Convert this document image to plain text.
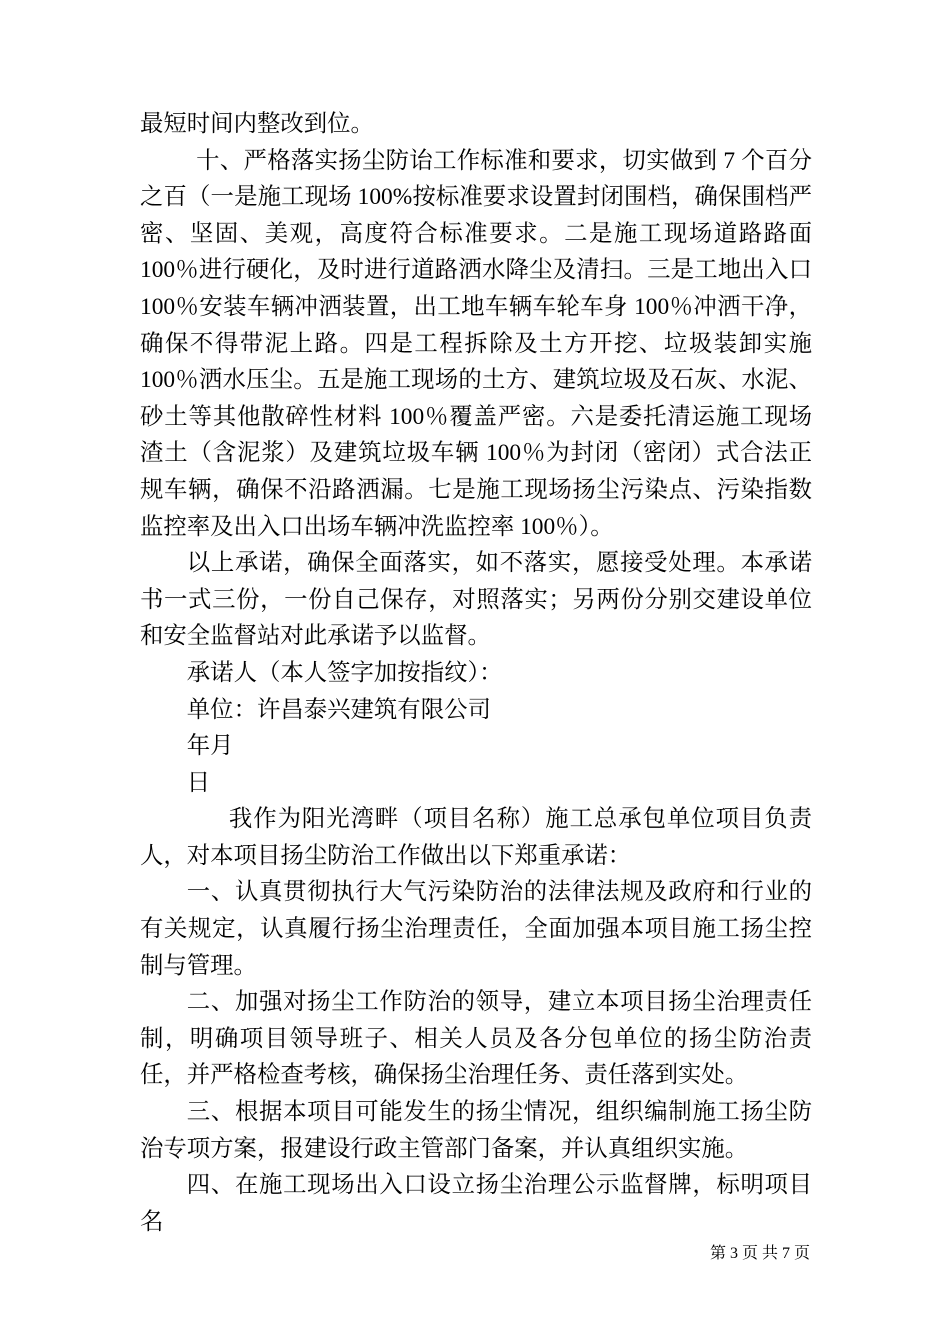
最短时间内整改到位。

十、严格落实扬尘防诒工作标准和要求，切实做到 7 个百分之百（一是施工现场 100%按标准要求设置封闭围档，确保围档严密、坚固、美观，高度符合标准要求。二是施工现场道路路面 100％进行硬化，及时进行道路洒水降尘及清扫。三是工地出入口 100％安装车辆冲洒装置，出工地车辆车轮车身 100％冲洒干净，确保不得带泥上路。四是工程拆除及土方开挖、垃圾装卸实施 100％洒水压尘。五是施工现场的土方、建筑垃圾及石灰、水泥、砂土等其他散碎性材料 100％覆盖严密。六是委托清运施工现场渣土（含泥浆）及建筑垃圾车辆 100％为封闭（密闭）式合法正规车辆，确保不沿路洒漏。七是施工现场扬尘污染点、污染指数监控率及出入口出场车辆冲洗监控率 100％）。

以上承诺，确保全面落实，如不落实，愿接受处理。本承诺书一式三份，一份自己保存，对照落实；另两份分别交建设单位和安全监督站对此承诺予以监督。

承诺人（本人签字加按指纹）：

单位：许昌泰兴建筑有限公司

年月

日

我作为阳光湾畔（项目名称）施工总承包单位项目负责人，对本项目扬尘防治工作做出以下郑重承诺：

一、认真贯彻执行大气污染防治的法律法规及政府和行业的有关规定，认真履行扬尘治理责任，全面加强本项目施工扬尘控制与管理。

二、加强对扬尘工作防治的领导，建立本项目扬尘治理责任制，明确项目领导班子、相关人员及各分包单位的扬尘防治责任，并严格检查考核，确保扬尘治理任务、责任落到实处。

三、根据本项目可能发生的扬尘情况，组织编制施工扬尘防治专项方案，报建设行政主管部门备案，并认真组织实施。

四、在施工现场出入口设立扬尘治理公示监督牌，标明项目名

第 3 页 共 7 页
